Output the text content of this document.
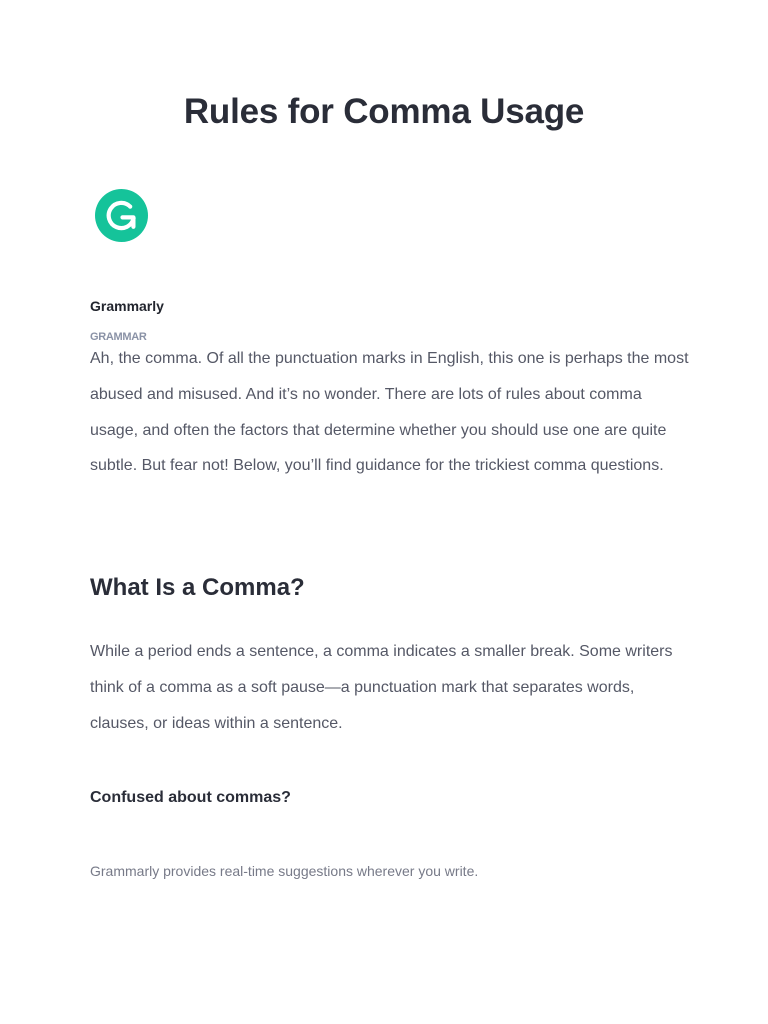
Rules for Comma Usage

Grammarly

GRAMMAR

Ah, the comma. Of all the punctuation marks in English, this one is perhaps the most abused and misused. And it’s no wonder. There are lots of rules about comma usage, and often the factors that determine whether you should use one are quite subtle. But fear not! Below, you’ll find guidance for the trickiest comma questions.

What Is a Comma?

While a period ends a sentence, a comma indicates a smaller break. Some writers think of a comma as a soft pause—a punctuation mark that separates words, clauses, or ideas within a sentence.

Confused about commas?

Grammarly provides real-time suggestions wherever you write.
